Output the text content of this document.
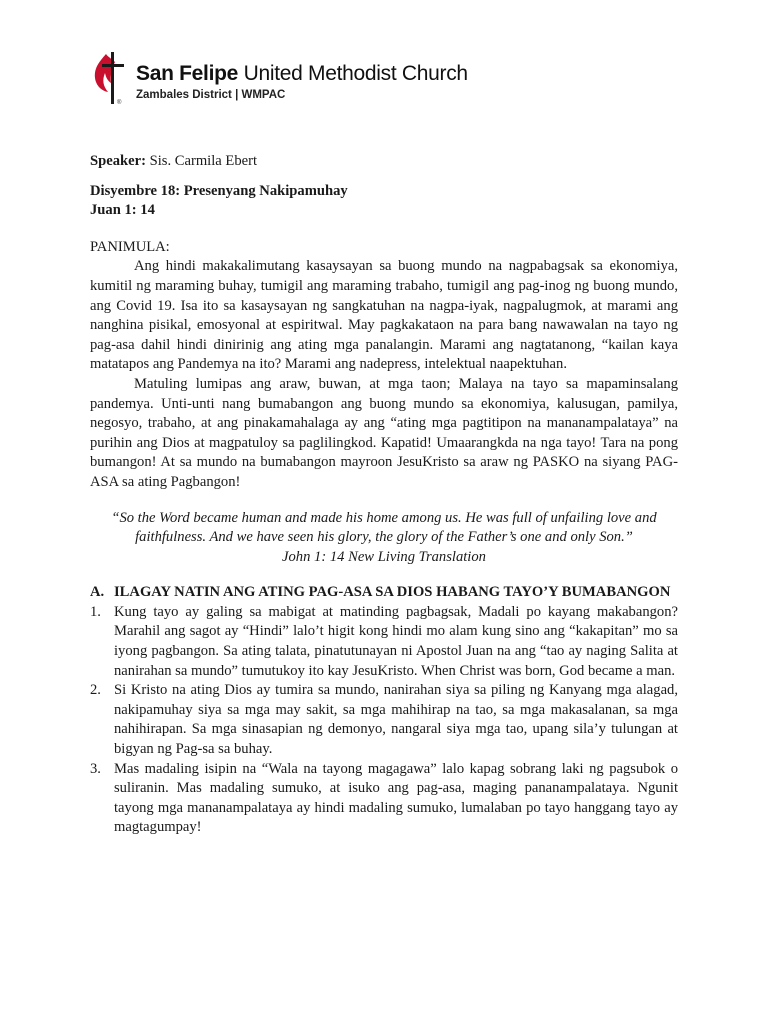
®
San Felipe United Methodist Church
Zambales District | WMPAC

Speaker: Sis. Carmila Ebert

Disyembre 18: Presenyang Nakipamuhay

Juan 1: 14

PANIMULA:

Ang hindi makakalimutang kasaysayan sa buong mundo na nagpabagsak sa ekonomiya, kumitil ng maraming buhay, tumigil ang maraming trabaho, tumigil ang pag-inog ng buong mundo, ang Covid 19. Isa ito sa kasaysayan ng sangkatuhan na nagpa-iyak, nagpalugmok, at marami ang nanghina pisikal, emosyonal at espiritwal. May pagkakataon na para bang nawawalan na tayo ng pag-asa dahil hindi dinirinig ang ating mga panalangin. Marami ang nagtatanong, “kailan kaya matatapos ang Pandemya na ito? Marami ang nadepress, intelektual naapektuhan.

Matuling lumipas ang araw, buwan, at mga taon; Malaya na tayo sa mapaminsalang pandemya. Unti-unti nang bumabangon ang buong mundo sa ekonomiya, kalusugan, pamilya, negosyo, trabaho, at ang pinakamahalaga ay ang “ating mga pagtitipon na mananampalataya” na purihin ang Dios at magpatuloy sa paglilingkod. Kapatid! Umaarangkda na nga tayo! Tara na pong bumangon! At sa mundo na bumabangon mayroon JesuKristo sa araw ng PASKO na siyang PAG-ASA sa ating Pagbangon!

“So the Word became human and made his home among us. He was full of unfailing love and faithfulness. And we have seen his glory, the glory of the Father’s one and only Son.”

John 1: 14 New Living Translation

A. ILAGAY NATIN ANG ATING PAG-ASA SA DIOS HABANG TAYO’Y BUMABANGON
1. Kung tayo ay galing sa mabigat at matinding pagbagsak, Madali po kayang makabangon? Marahil ang sagot ay “Hindi” lalo’t higit kong hindi mo alam kung sino ang “kakapitan” mo sa iyong pagbangon. Sa ating talata, pinatutunayan ni Apostol Juan na ang “tao ay naging Salita at nanirahan sa mundo” tumutukoy ito kay JesuKristo. When Christ was born, God became a man.
2. Si Kristo na ating Dios ay tumira sa mundo, nanirahan siya sa piling ng Kanyang mga alagad, nakipamuhay siya sa mga may sakit, sa mga mahihirap na tao, sa mga makasalanan, sa mga nahihirapan. Sa mga sinasapian ng demonyo, nangaral siya mga tao, upang sila’y tulungan at bigyan ng Pag-sa sa buhay.
3. Mas madaling isipin na “Wala na tayong magagawa” lalo kapag sobrang laki ng pagsubok o suliranin. Mas madaling sumuko, at isuko ang pag-asa, maging pananampalataya. Ngunit tayong mga mananampalataya ay hindi madaling sumuko, lumalaban po tayo hanggang tayo ay magtagumpay!
